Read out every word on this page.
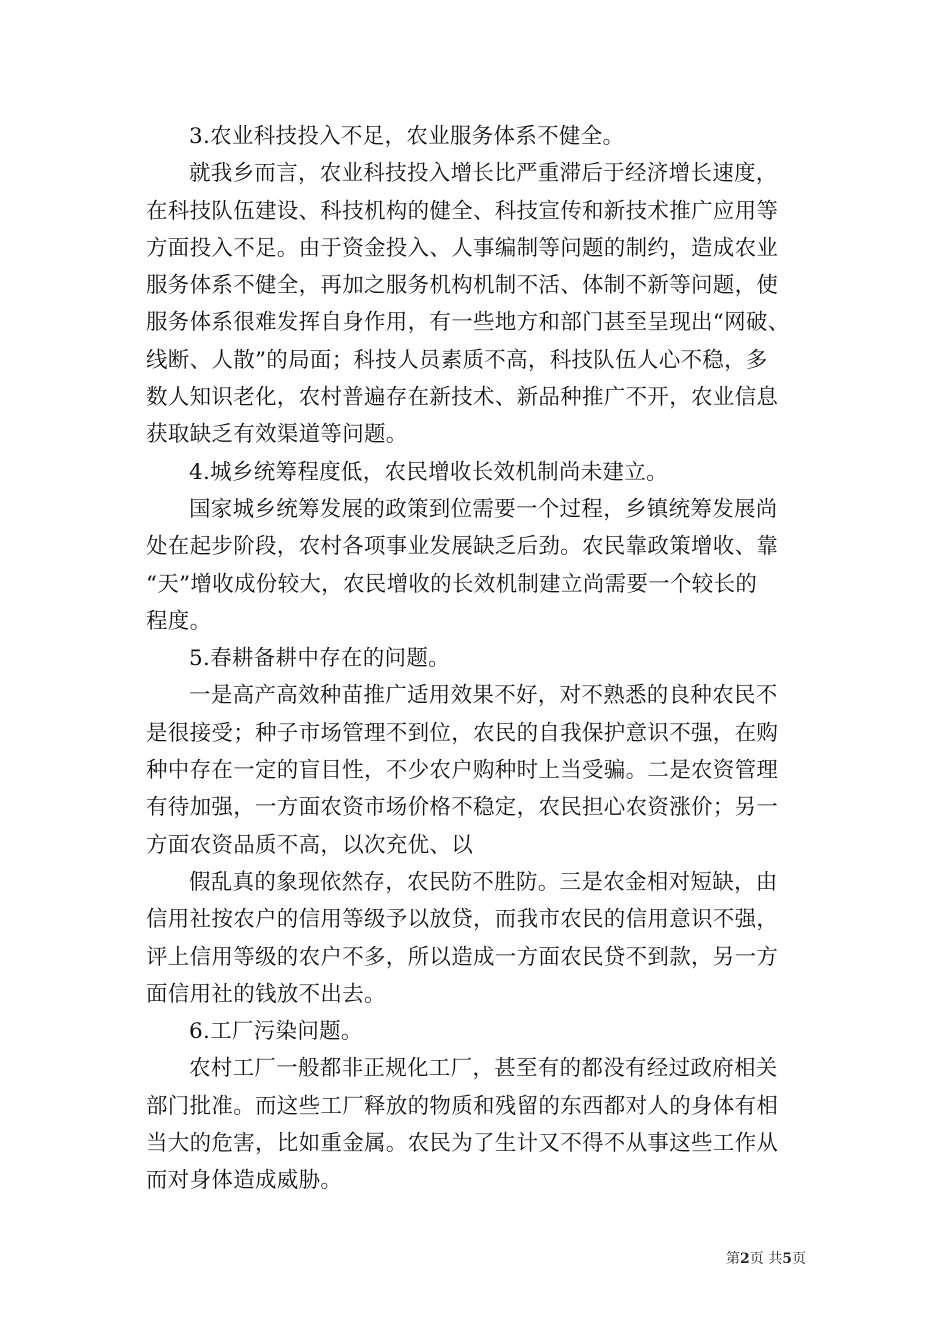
3.农业科技投入不足，农业服务体系不健全。
就我乡而言，农业科技投入增长比严重滞后于经济增长速度，
在科技队伍建设、科技机构的健全、科技宣传和新技术推广应用等
方面投入不足。由于资金投入、人事编制等问题的制约，造成农业
服务体系不健全，再加之服务机构机制不活、体制不新等问题，使
服务体系很难发挥自身作用，有一些地方和部门甚至呈现出“网破、
线断、人散”的局面；科技人员素质不高，科技队伍人心不稳，多
数人知识老化，农村普遍存在新技术、新品种推广不开，农业信息
获取缺乏有效渠道等问题。
4.城乡统筹程度低，农民增收长效机制尚未建立。
国家城乡统筹发展的政策到位需要一个过程，乡镇统筹发展尚
处在起步阶段，农村各项事业发展缺乏后劲。农民靠政策增收、靠
“天”增收成份较大，农民增收的长效机制建立尚需要一个较长的
程度。
5.春耕备耕中存在的问题。
一是高产高效种苗推广适用效果不好，对不熟悉的良种农民不
是很接受；种子市场管理不到位，农民的自我保护意识不强，在购
种中存在一定的盲目性，不少农户购种时上当受骗。二是农资管理
有待加强，一方面农资市场价格不稳定，农民担心农资涨价；另一
方面农资品质不高，以次充优、以
假乱真的象现依然存，农民防不胜防。三是农金相对短缺，由
信用社按农户的信用等级予以放贷，而我市农民的信用意识不强，
评上信用等级的农户不多，所以造成一方面农民贷不到款，另一方
面信用社的钱放不出去。
6.工厂污染问题。
农村工厂一般都非正规化工厂，甚至有的都没有经过政府相关
部门批准。而这些工厂释放的物质和残留的东西都对人的身体有相
当大的危害，比如重金属。农民为了生计又不得不从事这些工作从
而对身体造成威胁。
第2页 共5页
